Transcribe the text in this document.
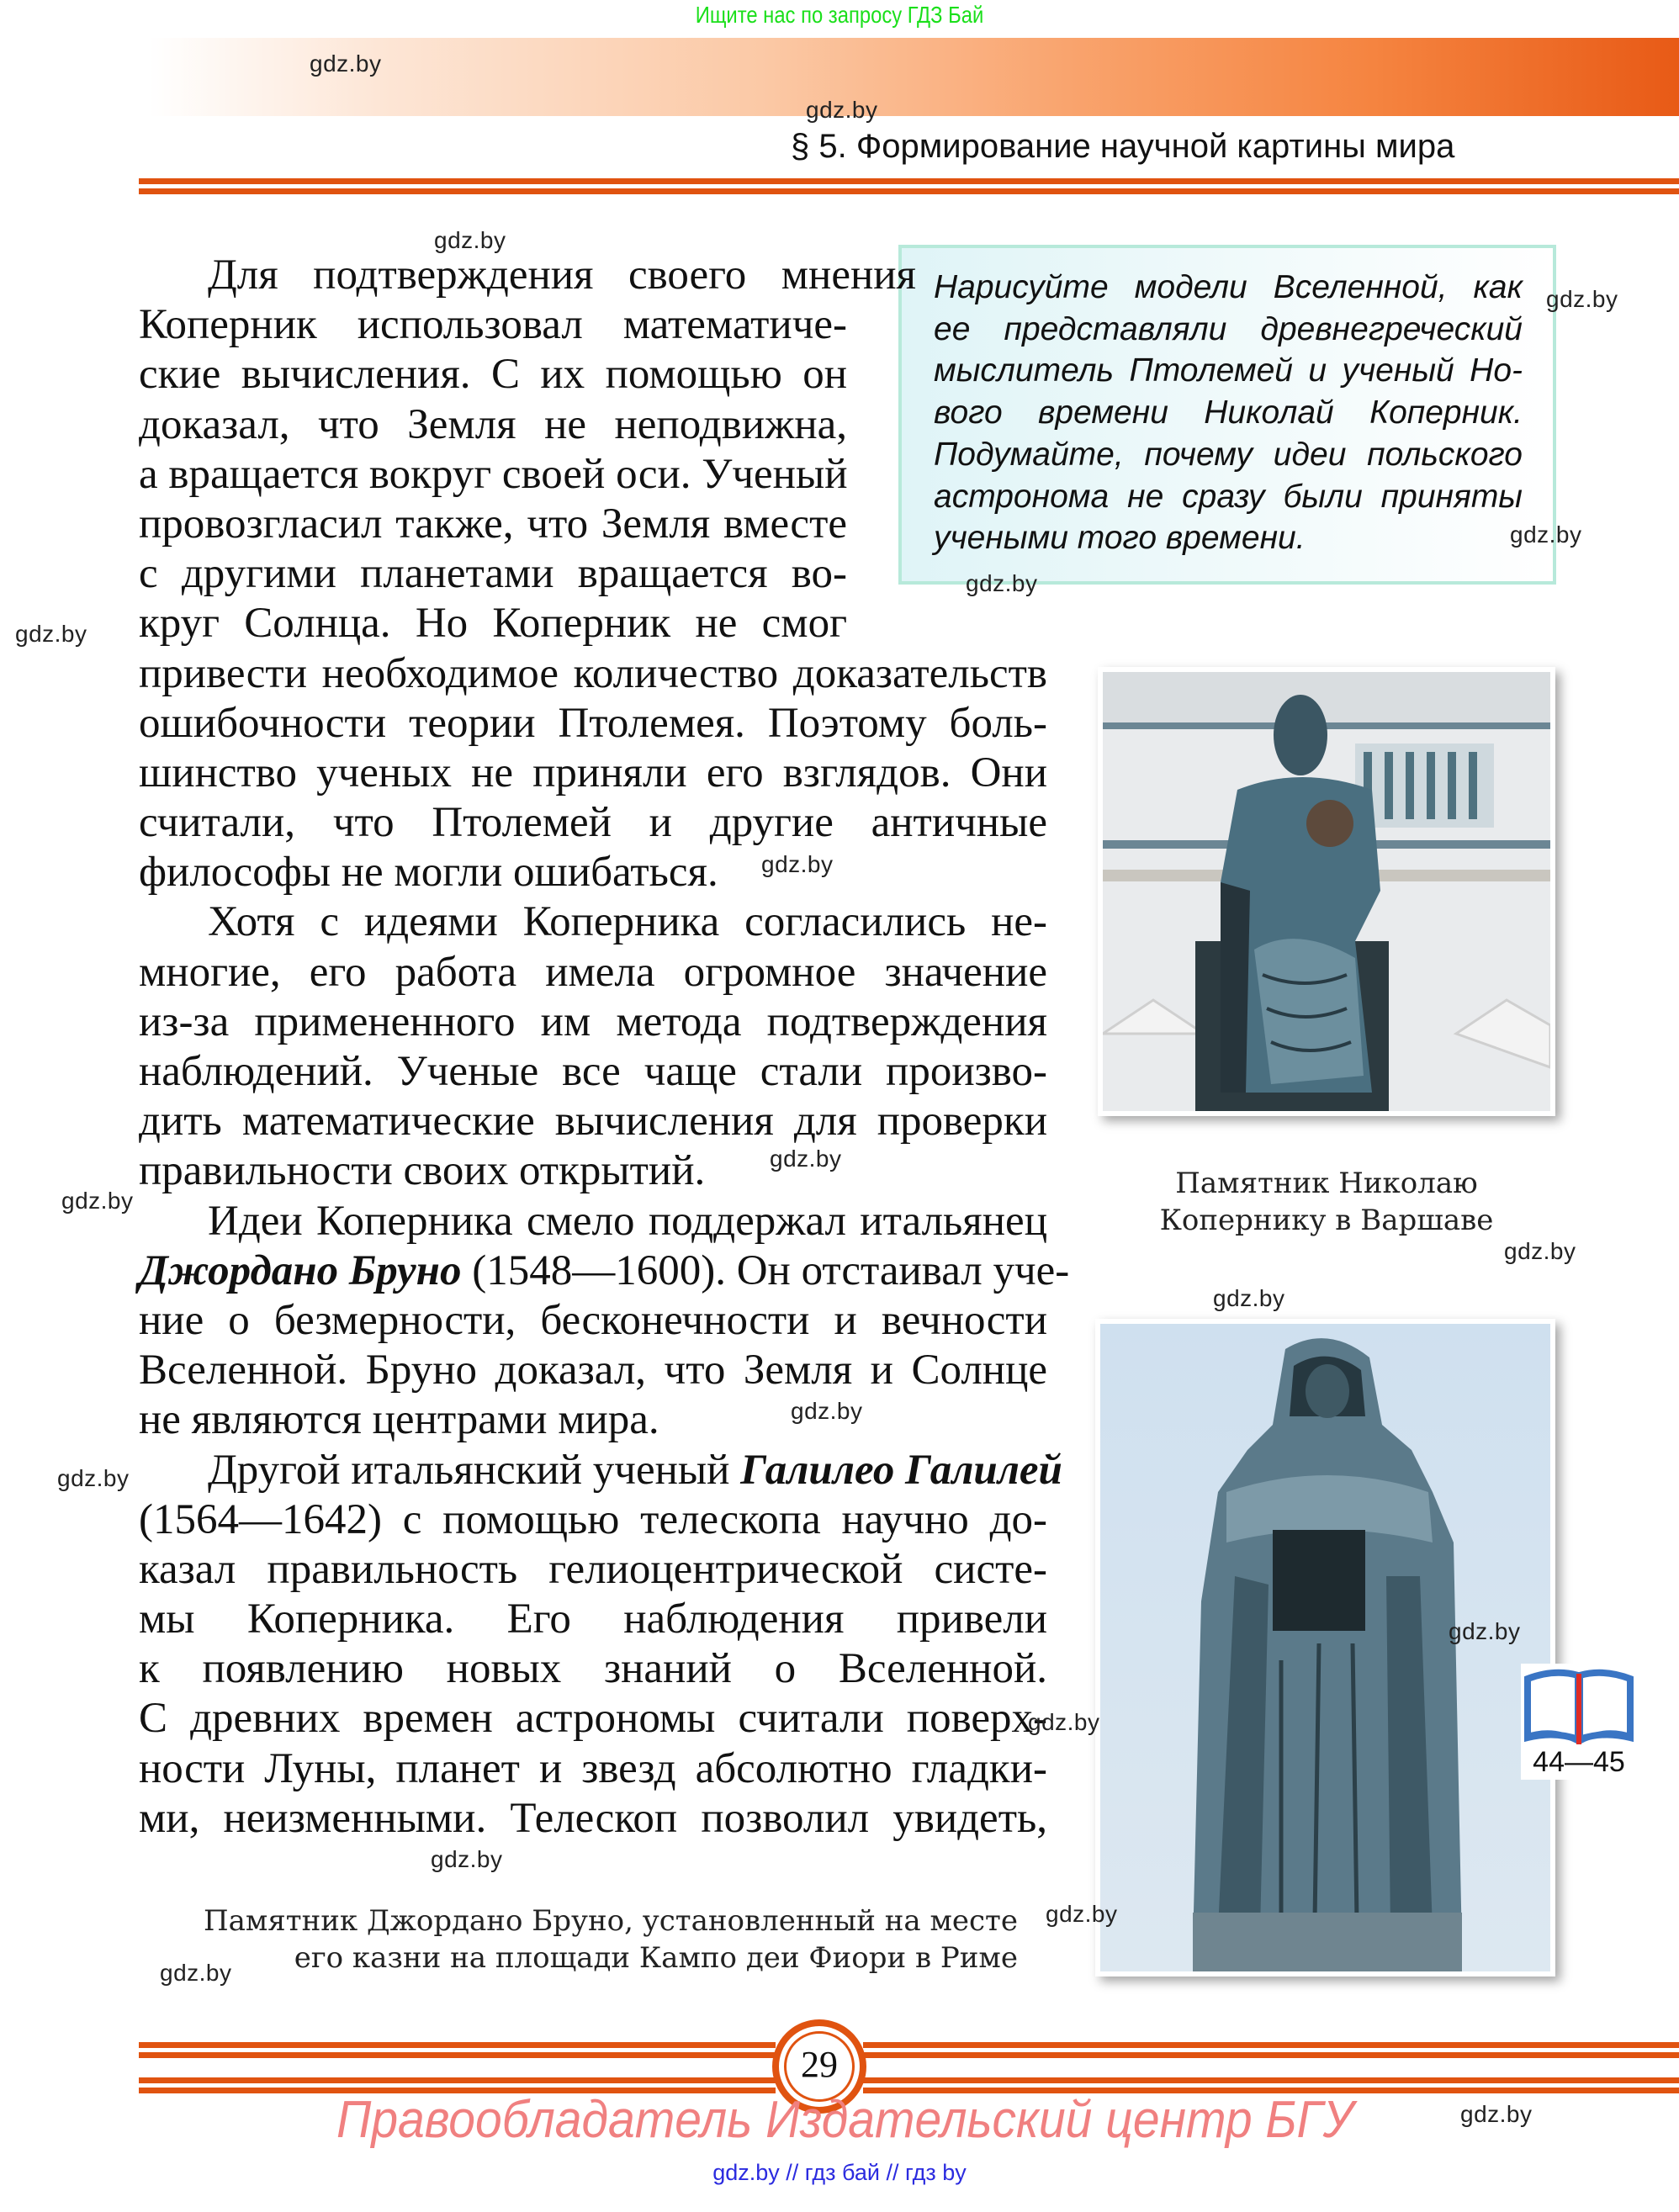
Ищите нас по запросу ГДЗ Бай
§ 5. Формирование научной картины мира
Нарисуйте модели Вселенной, как
ее представляли древнегреческий
мыслитель Птолемей и ученый Но-
вого времени Николай Коперник.
Подумайте, почему идеи польского
астронома не сразу были приняты
учеными того времени.
Для подтверждения своего мнения
Коперник использовал математиче-
ские вычисления. С их помощью он
доказал, что Земля не неподвижна,
а вращается вокруг своей оси. Ученый
провозгласил также, что Земля вместе
с другими планетами вращается во-
круг Солнца. Но Коперник не смог
привести необходимое количество доказательств
ошибочности теории Птолемея. Поэтому боль-
шинство ученых не приняли его взглядов. Они
считали, что Птолемей и другие античные
философы не могли ошибаться.
Хотя с идеями Коперника согласились не-
многие, его работа имела огромное значение
из-за примененного им метода подтверждения
наблюдений. Ученые все чаще стали произво-
дить математические вычисления для проверки
правильности своих открытий.
Идеи Коперника смело поддержал итальянец
Джордано Бруно (1548—1600). Он отстаивал уче-
ние о безмерности, бесконечности и вечности
Вселенной. Бруно доказал, что Земля и Солнце
не являются центрами мира.
Другой итальянский ученый Галилео Галилей
(1564—1642) с помощью телескопа научно до-
казал правильность гелиоцентрической систе-
мы Коперника. Его наблюдения привели
к появлению новых знаний о Вселенной.
С древних времен астрономы считали поверх-
ности Луны, планет и звезд абсолютно гладки-
ми, неизменными. Телескоп позволил увидеть,
Памятник Николаю
Копернику в Варшаве
Памятник Джордано Бруно, установленный на месте
его казни на площади Кампо деи Фиори в Риме
44—45
29
Правообладатель Издательский центр БГУ
gdz.by // гдз бай // гдз by
gdz.by
gdz.by
gdz.by
gdz.by
gdz.by
gdz.by
gdz.by
gdz.by
gdz.by
gdz.by
gdz.by
gdz.by
gdz.by
gdz.by
gdz.by
gdz.by
gdz.by
gdz.by
gdz.by
gdz.by
